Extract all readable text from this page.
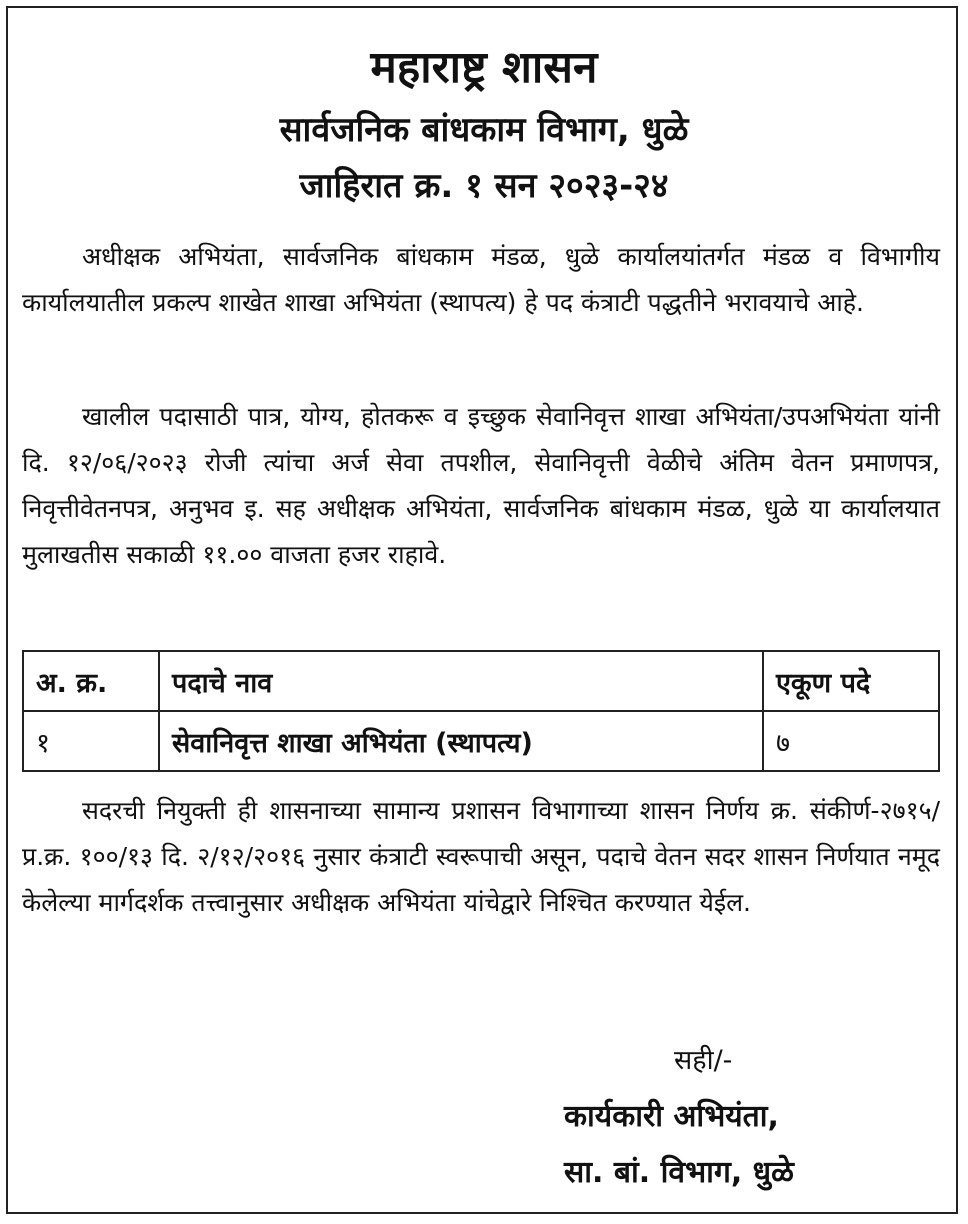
महाराष्ट्र शासन
सार्वजनिक बांधकाम विभाग, धुळे
जाहिरात क्र. १ सन २०२३-२४

अधीक्षक अभियंता, सार्वजनिक बांधकाम मंडळ, धुळे कार्यालयांतर्गत मंडळ व विभागीय कार्यालयातील प्रकल्प शाखेत शाखा अभियंता (स्थापत्य) हे पद कंत्राटी पद्धतीने भरावयाचे आहे.

खालील पदासाठी पात्र, योग्य, होतकरू व इच्छुक सेवानिवृत्त शाखा अभियंता/उपअभियंता यांनी दि. १२/०६/२०२३ रोजी त्यांचा अर्ज सेवा तपशील, सेवानिवृत्ती वेळीचे अंतिम वेतन प्रमाणपत्र, निवृत्तीवेतनपत्र, अनुभव इ. सह अधीक्षक अभियंता, सार्वजनिक बांधकाम मंडळ, धुळे या कार्यालयात मुलाखतीस सकाळी ११.०० वाजता हजर राहावे.

अ. क्र.	पदाचे नाव	एकूण पदे
१	सेवानिवृत्त शाखा अभियंता (स्थापत्य)	७

सदरची नियुक्ती ही शासनाच्या सामान्य प्रशासन विभागाच्या शासन निर्णय क्र. संकीर्ण-२७१५/प्र.क्र. १००/१३ दि. २/१२/२०१६ नुसार कंत्राटी स्वरूपाची असून, पदाचे वेतन सदर शासन निर्णयात नमूद केलेल्या मार्गदर्शक तत्त्वानुसार अधीक्षक अभियंता यांचेद्वारे निश्चित करण्यात येईल.

सही/-
कार्यकारी अभियंता,
सा. बां. विभाग, धुळे
